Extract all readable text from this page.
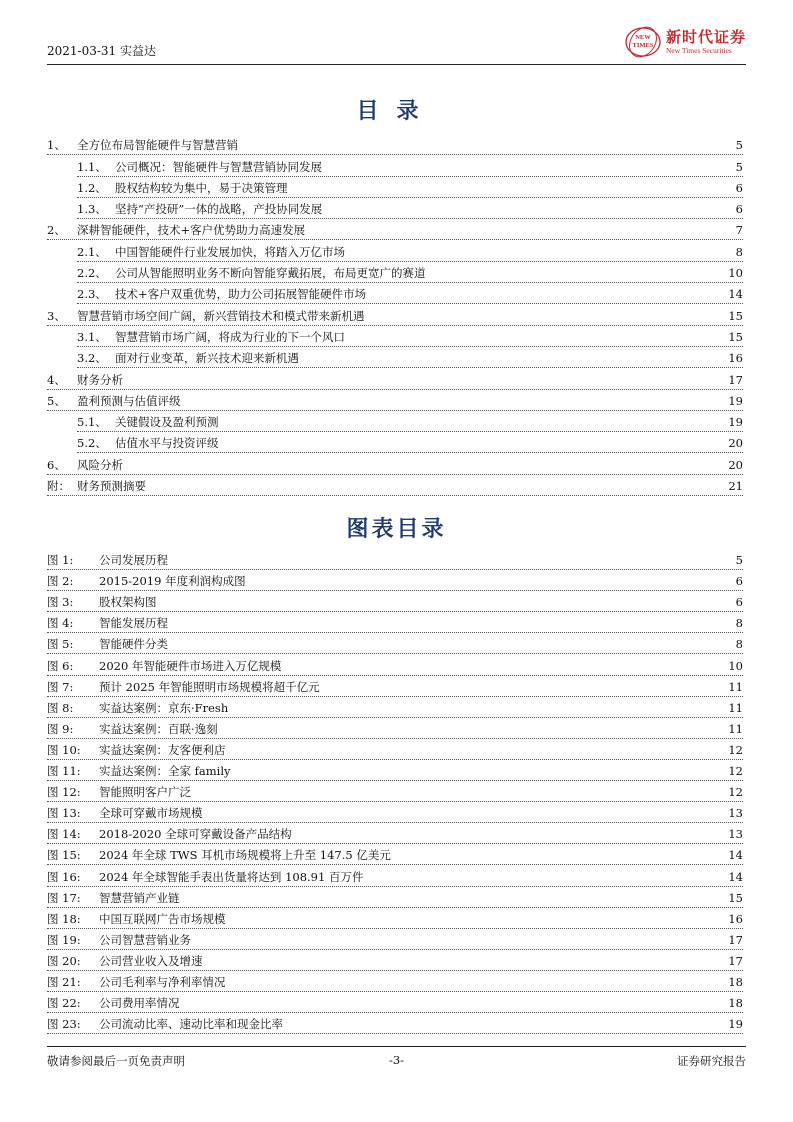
2021-03-31 实益达
NEW
TIMES 新时代证券
New Times Securities
目录
1、 全方位布局智能硬件与智慧营销	5
1.1、 公司概况：智能硬件与智慧营销协同发展	5
1.2、 股权结构较为集中，易于决策管理	6
1.3、 坚持“产投研”一体的战略，产投协同发展	6
2、 深耕智能硬件，技术+客户优势助力高速发展	7
2.1、 中国智能硬件行业发展加快，将踏入万亿市场	8
2.2、 公司从智能照明业务不断向智能穿戴拓展，布局更宽广的赛道	10
2.3、 技术+客户双重优势，助力公司拓展智能硬件市场	14
3、 智慧营销市场空间广阔，新兴营销技术和模式带来新机遇	15
3.1、 智慧营销市场广阔，将成为行业的下一个风口	15
3.2、 面对行业变革，新兴技术迎来新机遇	16
4、 财务分析	17
5、 盈利预测与估值评级	19
5.1、 关键假设及盈利预测	19
5.2、 估值水平与投资评级	20
6、 风险分析	20
附： 财务预测摘要	21
图表目录
图 1:	公司发展历程	5
图 2:	2015-2019 年度利润构成图	6
图 3:	股权架构图	6
图 4:	智能发展历程	8
图 5:	智能硬件分类	8
图 6:	2020 年智能硬件市场进入万亿规模	10
图 7:	预计 2025 年智能照明市场规模将超千亿元	11
图 8:	实益达案例：京东·Fresh	11
图 9:	实益达案例：百联·逸刻	11
图 10:	实益达案例：友客便利店	12
图 11:	实益达案例：全家 family	12
图 12:	智能照明客户广泛	12
图 13:	全球可穿戴市场规模	13
图 14:	2018-2020 全球可穿戴设备产品结构	13
图 15:	2024 年全球 TWS 耳机市场规模将上升至 147.5 亿美元	14
图 16:	2024 年全球智能手表出货量将达到 108.91 百万件	14
图 17:	智慧营销产业链	15
图 18:	中国互联网广告市场规模	16
图 19:	公司智慧营销业务	17
图 20:	公司营业收入及增速	17
图 21:	公司毛利率与净利率情况	18
图 22:	公司费用率情况	18
图 23:	公司流动比率、速动比率和现金比率	19
敬请参阅最后一页免责声明	-3-	证券研究报告
